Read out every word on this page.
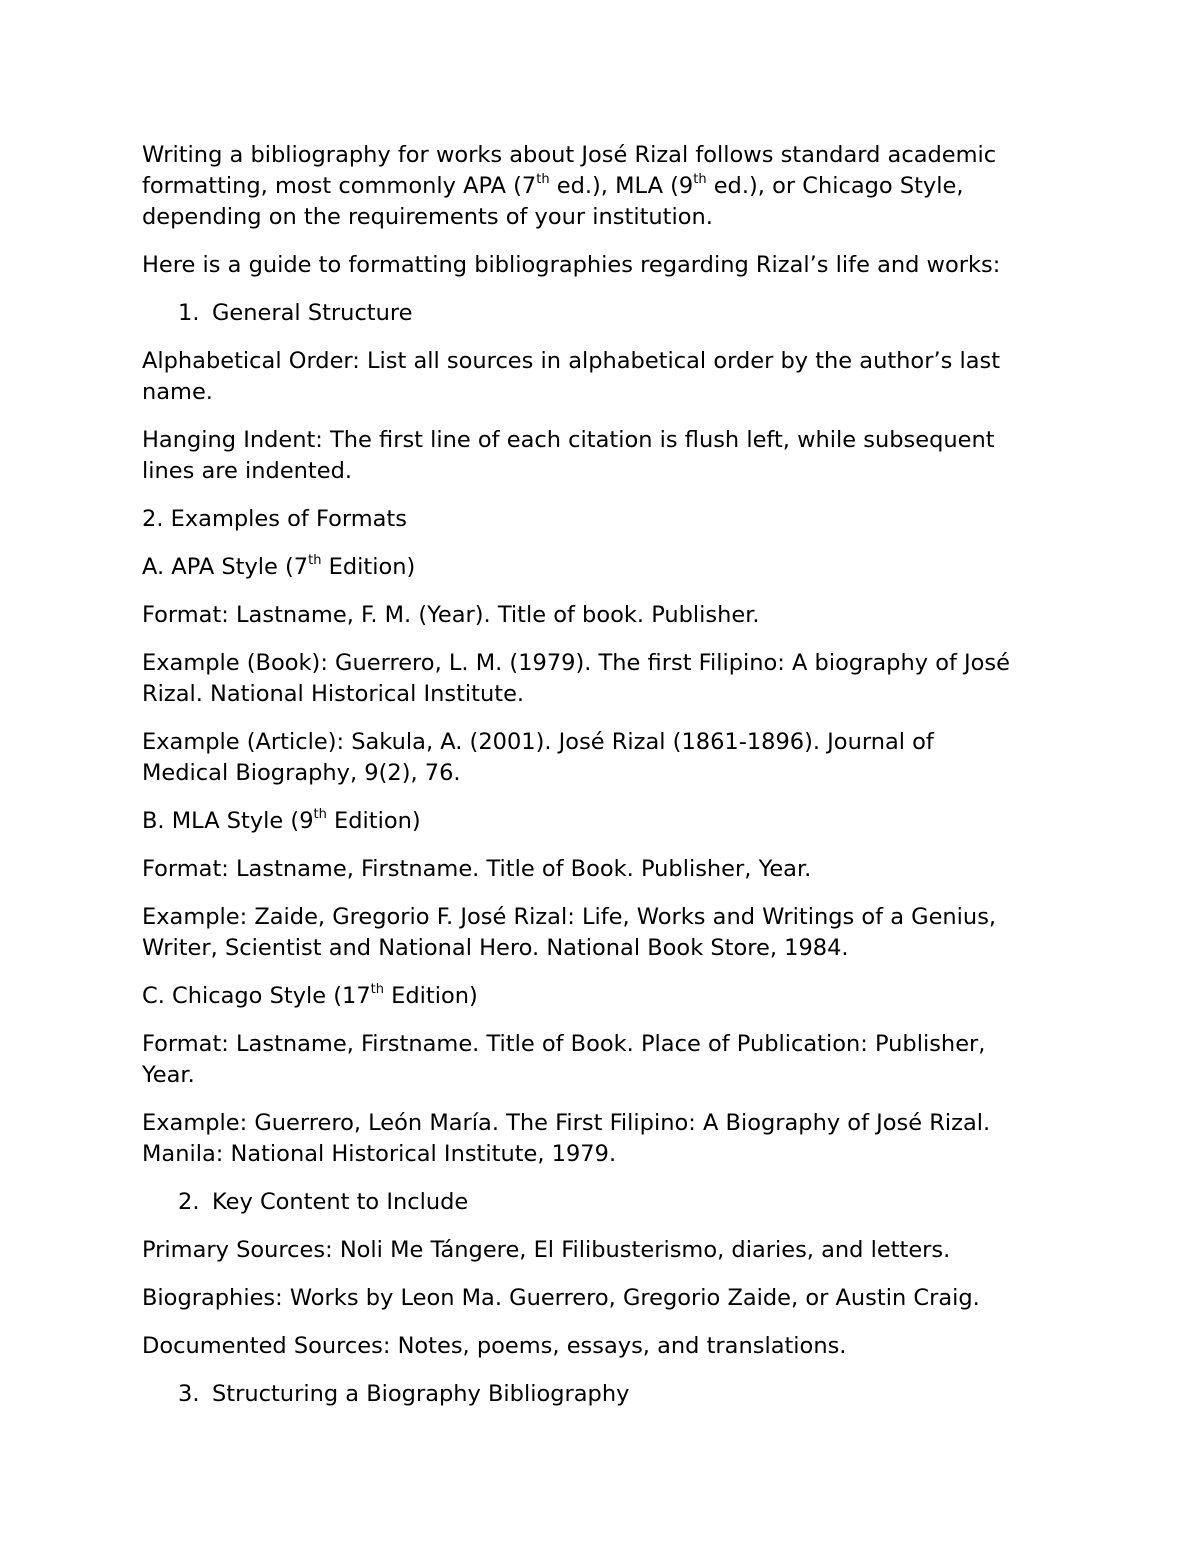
Writing a bibliography for works about José Rizal follows standard academic
formatting, most commonly APA (7th ed.), MLA (9th ed.), or Chicago Style,
depending on the requirements of your institution.

Here is a guide to formatting bibliographies regarding Rizal’s life and works:

1. General Structure

Alphabetical Order: List all sources in alphabetical order by the author’s last
name.

Hanging Indent: The first line of each citation is flush left, while subsequent
lines are indented.

2. Examples of Formats

A. APA Style (7th Edition)

Format: Lastname, F. M. (Year). Title of book. Publisher.

Example (Book): Guerrero, L. M. (1979). The first Filipino: A biography of José
Rizal. National Historical Institute.

Example (Article): Sakula, A. (2001). José Rizal (1861-1896). Journal of
Medical Biography, 9(2), 76.

B. MLA Style (9th Edition)

Format: Lastname, Firstname. Title of Book. Publisher, Year.

Example: Zaide, Gregorio F. José Rizal: Life, Works and Writings of a Genius,
Writer, Scientist and National Hero. National Book Store, 1984.

C. Chicago Style (17th Edition)

Format: Lastname, Firstname. Title of Book. Place of Publication: Publisher,
Year.

Example: Guerrero, León María. The First Filipino: A Biography of José Rizal.
Manila: National Historical Institute, 1979.

2. Key Content to Include

Primary Sources: Noli Me Tángere, El Filibusterismo, diaries, and letters.

Biographies: Works by Leon Ma. Guerrero, Gregorio Zaide, or Austin Craig.

Documented Sources: Notes, poems, essays, and translations.

3. Structuring a Biography Bibliography
